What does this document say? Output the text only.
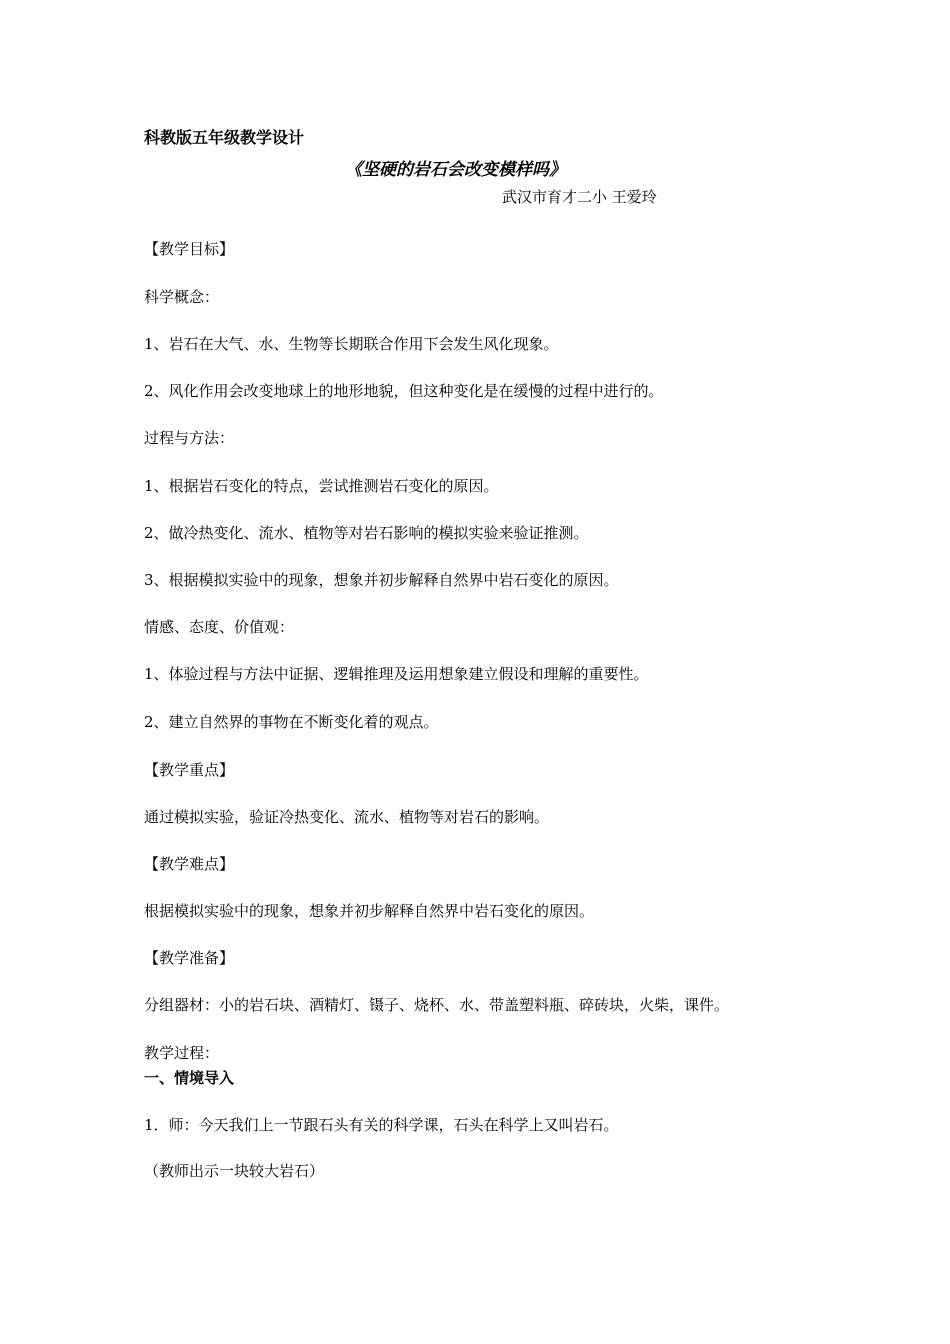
科教版五年级教学设计
《坚硬的岩石会改变模样吗》
武汉市育才二小 王爱玲
【教学目标】
科学概念：
1、岩石在大气、水、生物等长期联合作用下会发生风化现象。
2、风化作用会改变地球上的地形地貌，但这种变化是在缓慢的过程中进行的。
过程与方法：
1、根据岩石变化的特点，尝试推测岩石变化的原因。
2、做冷热变化、流水、植物等对岩石影响的模拟实验来验证推测。
3、根据模拟实验中的现象，想象并初步解释自然界中岩石变化的原因。
情感、态度、价值观：
1、体验过程与方法中证据、逻辑推理及运用想象建立假设和理解的重要性。
2、建立自然界的事物在不断变化着的观点。
【教学重点】
通过模拟实验，验证冷热变化、流水、植物等对岩石的影响。
【教学难点】
根据模拟实验中的现象，想象并初步解释自然界中岩石变化的原因。
【教学准备】
分组器材：小的岩石块、酒精灯、镊子、烧杯、水、带盖塑料瓶、碎砖块，火柴，课件。
教学过程：
一、情境导入
1．师：今天我们上一节跟石头有关的科学课，石头在科学上又叫岩石。
（教师出示一块较大岩石）
